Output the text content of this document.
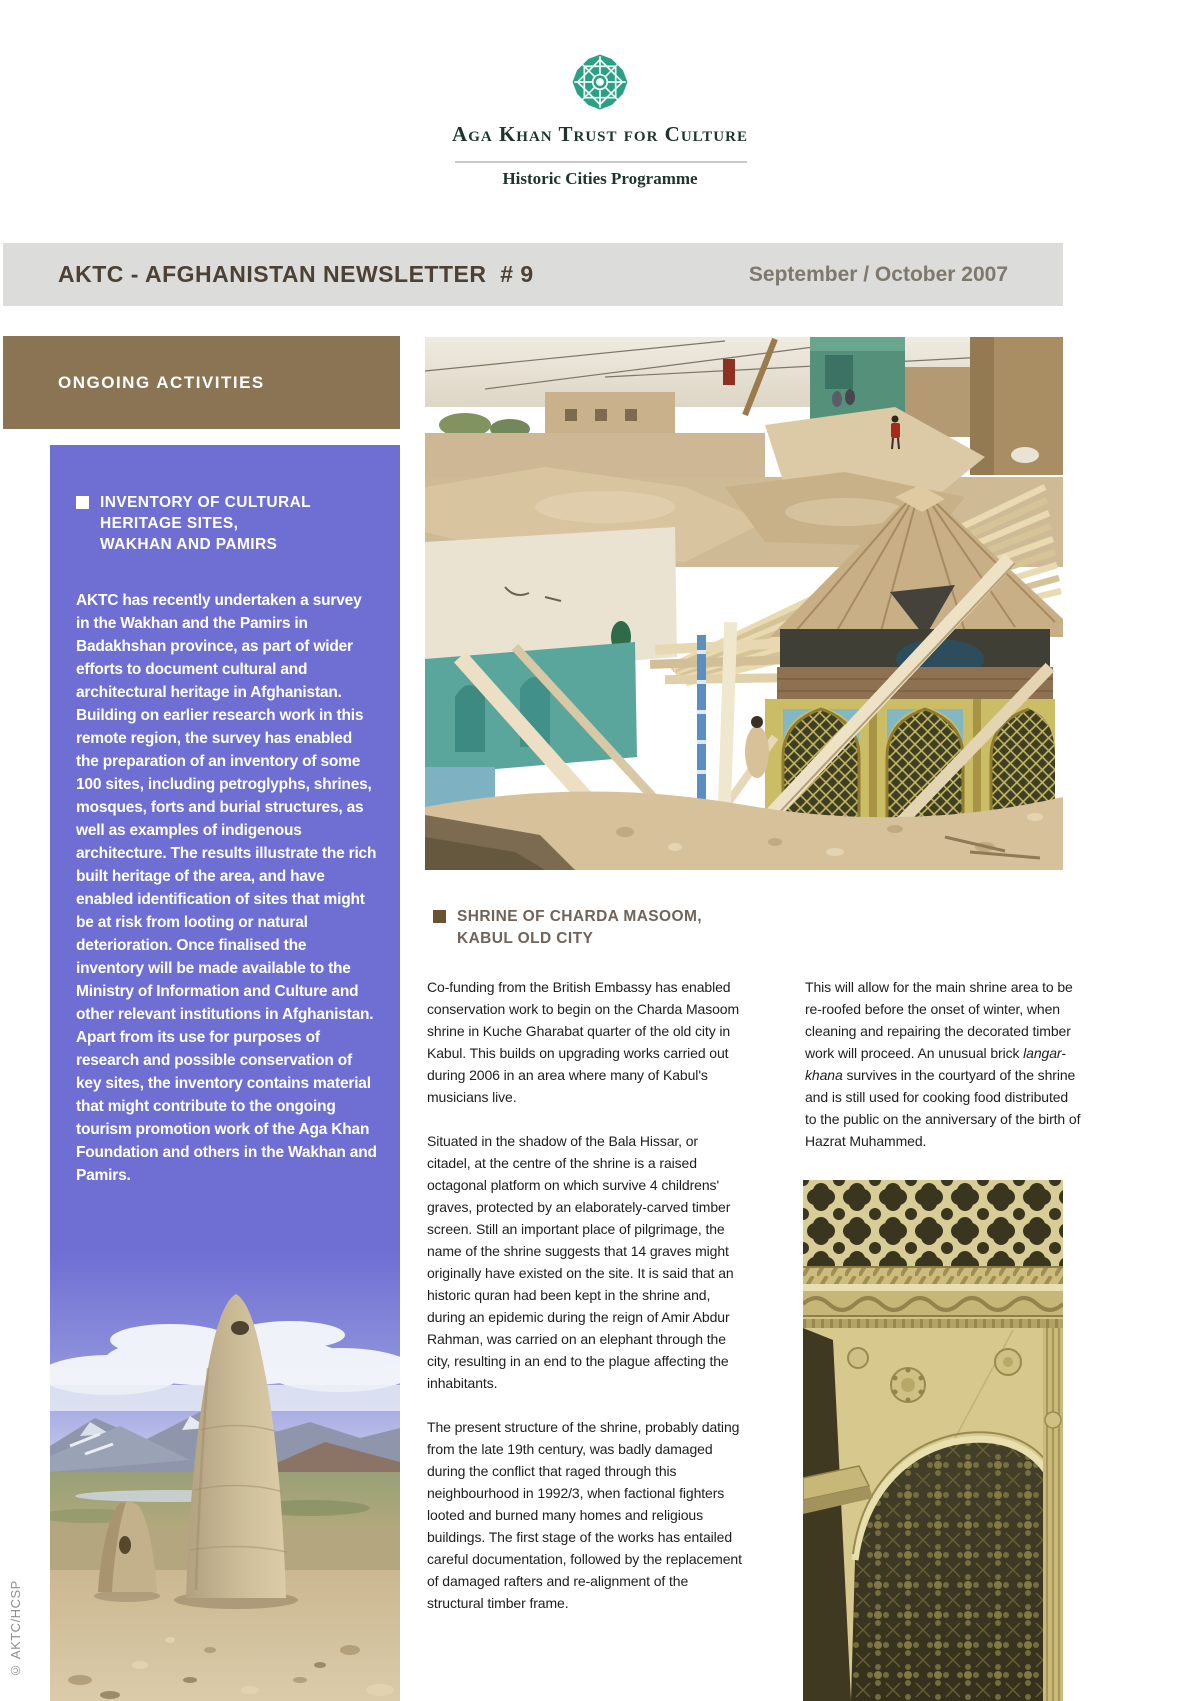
Aga Khan Trust for Culture
Historic Cities Programme
AKTC - AFGHANISTAN NEWSLETTER  # 9	September / October 2007
ONGOING ACTIVITIES
INVENTORY OF CULTURAL
HERITAGE SITES,
WAKHAN AND PAMIRS
AKTC has recently undertaken a survey in the Wakhan and the Pamirs in Badakhshan province, as part of wider efforts to document cultural and architectural heritage in Afghanistan. Building on earlier research work in this remote region, the survey has enabled the preparation of an inventory of some 100 sites, including petroglyphs, shrines, mosques, forts and burial structures, as well as examples of indigenous architecture. The results illustrate the rich built heritage of the area, and have enabled identification of sites that might be at risk from looting or natural deterioration. Once finalised the inventory will be made available to the Ministry of Information and Culture and other relevant institutions in Afghanistan. Apart from its use for purposes of research and possible conservation of key sites, the inventory contains material that might contribute to the ongoing tourism promotion work of the Aga Khan Foundation and others in the Wakhan and Pamirs.
SHRINE OF CHARDA MASOOM,
KABUL OLD CITY

Co-funding from the British Embassy has enabled conservation work to begin on the Charda Masoom shrine in Kuche Gharabat quarter of the old city in Kabul. This builds on upgrading works carried out during 2006 in an area where many of Kabul's musicians live.

Situated in the shadow of the Bala Hissar, or citadel, at the centre of the shrine is a raised octagonal platform on which survive 4 childrens' graves, protected by an elaborately-carved timber screen. Still an important place of pilgrimage, the name of the shrine suggests that 14 graves might originally have existed on the site. It is said that an historic quran had been kept in the shrine and, during an epidemic during the reign of Amir Abdur Rahman, was carried on an elephant through the city, resulting in an end to the plague affecting the inhabitants.

The present structure of the shrine, probably dating from the late 19th century, was badly damaged during the conflict that raged through this neighbourhood in 1992/3, when factional fighters looted and burned many homes and religious buildings. The first stage of the works has entailed careful documentation, followed by the replacement of damaged rafters and re-alignment of the structural timber frame.

This will allow for the main shrine area to be re-roofed before the onset of winter, when cleaning and repairing the decorated timber work will proceed. An unusual brick langar-khana survives in the courtyard of the shrine and is still used for cooking food distributed to the public on the anniversary of the birth of Hazrat Muhammed.

© AKTC/HCSP
